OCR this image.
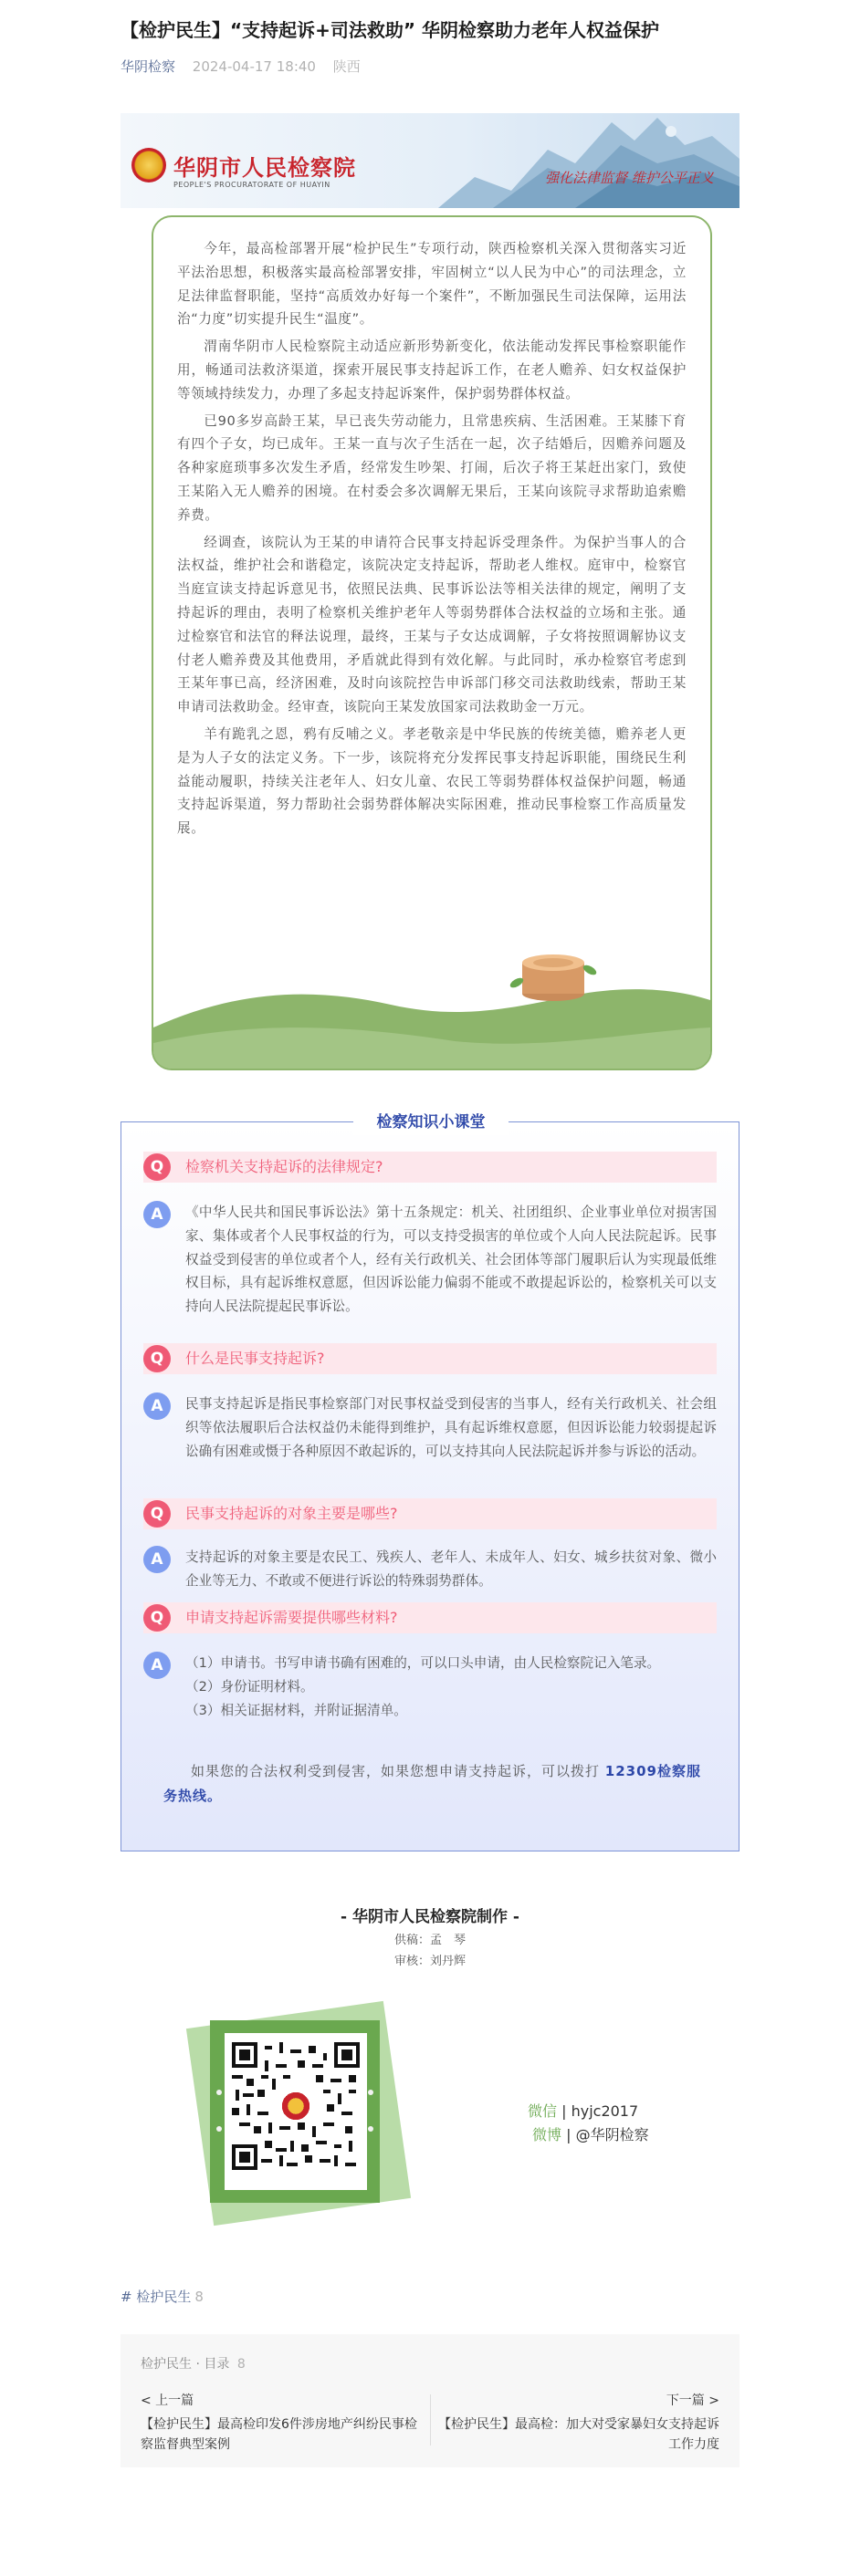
【检护民生】“支持起诉+司法救助” 华阴检察助力老年人权益保护
华阴检察 2024-04-17 18:40 陕西
华阴市人民检察院
PEOPLE'S PROCURATORATE OF HUAYIN	强化法律监督 维护公平正义

今年，最高检部署开展“检护民生”专项行动，陕西检察机关深入贯彻落实习近平法治思想，积极落实最高检部署安排，牢固树立“以人民为中心”的司法理念，立足法律监督职能，坚持“高质效办好每一个案件”，不断加强民生司法保障，运用法治“力度”切实提升民生“温度”。

渭南华阴市人民检察院主动适应新形势新变化，依法能动发挥民事检察职能作用，畅通司法救济渠道，探索开展民事支持起诉工作，在老人赡养、妇女权益保护等领域持续发力，办理了多起支持起诉案件，保护弱势群体权益。

已90多岁高龄王某，早已丧失劳动能力，且常患疾病、生活困难。王某膝下育有四个子女，均已成年。王某一直与次子生活在一起，次子结婚后，因赡养问题及各种家庭琐事多次发生矛盾，经常发生吵架、打闹，后次子将王某赶出家门，致使王某陷入无人赡养的困境。在村委会多次调解无果后，王某向该院寻求帮助追索赡养费。

经调查，该院认为王某的申请符合民事支持起诉受理条件。为保护当事人的合法权益，维护社会和谐稳定，该院决定支持起诉，帮助老人维权。庭审中，检察官当庭宣读支持起诉意见书，依照民法典、民事诉讼法等相关法律的规定，阐明了支持起诉的理由，表明了检察机关维护老年人等弱势群体合法权益的立场和主张。通过检察官和法官的释法说理，最终，王某与子女达成调解，子女将按照调解协议支付老人赡养费及其他费用，矛盾就此得到有效化解。与此同时，承办检察官考虑到王某年事已高，经济困难，及时向该院控告申诉部门移交司法救助线索，帮助王某申请司法救助金。经审查，该院向王某发放国家司法救助金一万元。

羊有跪乳之恩，鸦有反哺之义。孝老敬亲是中华民族的传统美德，赡养老人更是为人子女的法定义务。下一步，该院将充分发挥民事支持起诉职能，围绕民生利益能动履职，持续关注老年人、妇女儿童、农民工等弱势群体权益保护问题，畅通支持起诉渠道，努力帮助社会弱势群体解决实际困难，推动民事检察工作高质量发展。

检察知识小课堂
Q	检察机关支持起诉的法律规定?
A	《中华人民共和国民事诉讼法》第十五条规定：机关、社团组织、企业事业单位对损害国家、集体或者个人民事权益的行为，可以支持受损害的单位或个人向人民法院起诉。民事权益受到侵害的单位或者个人，经有关行政机关、社会团体等部门履职后认为实现最低维权目标，具有起诉维权意愿，但因诉讼能力偏弱不能或不敢提起诉讼的，检察机关可以支持向人民法院提起民事诉讼。
Q	什么是民事支持起诉?
A	民事支持起诉是指民事检察部门对民事权益受到侵害的当事人，经有关行政机关、社会组织等依法履职后合法权益仍未能得到维护，具有起诉维权意愿，但因诉讼能力较弱提起诉讼确有困难或慑于各种原因不敢起诉的，可以支持其向人民法院起诉并参与诉讼的活动。
Q	民事支持起诉的对象主要是哪些?
A	支持起诉的对象主要是农民工、残疾人、老年人、未成年人、妇女、城乡扶贫对象、微小企业等无力、不敢或不便进行诉讼的特殊弱势群体。
Q	申请支持起诉需要提供哪些材料?
A	（1）申请书。书写申请书确有困难的，可以口头申请，由人民检察院记入笔录。
（2）身份证明材料。
（3）相关证据材料，并附证据清单。
如果您的合法权利受到侵害，如果您想申请支持起诉，可以拨打 12309检察服务热线。
- 华阴市人民检察院制作 -
供稿：孟　琴
审核：刘丹辉
微信 | hyjc2017
微博 | @华阴检察
# 检护民生 8
检护民生 · 目录 8
< 上一篇
【检护民生】最高检印发6件涉房地产纠纷民事检察监督典型案例
下一篇 >
【检护民生】最高检：加大对受家暴妇女支持起诉工作力度
